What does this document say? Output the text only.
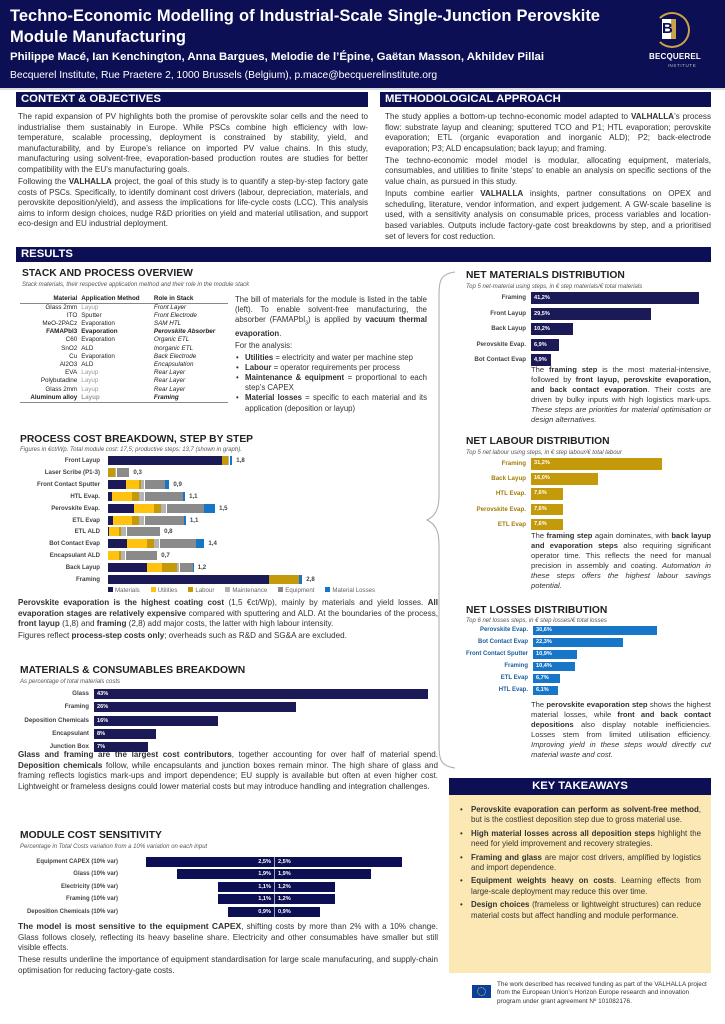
Techno-Economic Modelling of Industrial-Scale Single-Junction Perovskite Module Manufacturing
Philippe Macé, Ian Kenchington, Anna Bargues, Melodie de l’Épine, Gaëtan Masson, Akhildev Pillai
Becquerel Institute, Rue Praetere 2, 1000 Brussels (Belgium), p.mace@becquerelinstitute.org
B
BECQUEREL
INSTITUTE
CONTEXT & OBJECTIVES

The rapid expansion of PV highlights both the promise of perovskite solar cells and the need to industrialise them sustainably in Europe. While PSCs combine high efficiency with low-temperature, scalable processing, deployment is constrained by stability, yield, and manufacturability, and by Europe’s reliance on imported PV value chains. In this study, manufacturing using solvent-free, evaporation-based production routes are studies for better compatibility with the EU’s manufacturing goals.

Following the VALHALLA project, the goal of this study is to quantify a step-by-step factory gate costs of PSCs. Specifically, to identify dominant cost drivers (labour, depreciation, materials, and perovskite deposition/yield), and assess the implications for life-cycle costs (LCC). This analysis aims to inform design choices, nudge R&D priorities on yield and material utilisation, and support eco-design and EU industrial deployment.

METHODOLOGICAL APPROACH

The study applies a bottom-up techno-economic model adapted to VALHALLA’s process flow: substrate layup and cleaning; sputtered TCO and P1; HTL evaporation; perovskite evaporation; ETL (organic evaporation and inorganic ALD); P2; back-electrode evaporation; P3; ALD encapsulation; back layup; and framing.

The techno-economic model model is modular, allocating equipment, materials, consumables, and utilities to finite ‘steps’ to enable an analysis on specific sections of the value chain, as pursued in this study.

Inputs combine earlier VALHALLA insights, partner consultations on OPEX and scheduling, literature, vendor information, and expert judgement. A GW-scale baseline is used, with a sensitivity analysis on consumable prices, process variables and location-based variables. Outputs include factory-gate cost breakdowns by step, and a prioritised set of levers for cost reduction.

RESULTS
STACK AND PROCESS OVERVIEW
Stack materials, their respective application method and their role in the module stack
Material	Application Method	Role in Stack
Glass 2mm	Layup	Front Layer
ITO	Sputter	Front Electrode
MeO-2PACz	Evaporation	SAM HTL
FAMAPbI3	Evaporation	Perovskite Absorber
C60	Evaporation	Organic ETL
SnO2	ALD	Inorganic ETL
Cu	Evaporation	Back Electrode
Al2O3	ALD	Encapsulation
EVA	Layup	Rear Layer
Polybutadine	Layup	Rear Layer
Glass 2mm	Layup	Rear Layer
Aluminum alloy	Layup	Framing

The bill of materials for the module is listed in the table (left). To enable solvent-free manufacturing, the absorber (FAMAPbI$_3$) is applied by vacuum thermal evaporation.

For the analysis:

• Utilities = electricity and water per machine step
• Labour = operator requirements per process
• Maintenance & equipment = proportional to each step’s CAPEX
• Material losses = specific to each material and its application (deposition or layup)
PROCESS COST BREAKDOWN, STEP BY STEP
Figures in €ct/Wp. Total module cost: 17,5; productive steps: 13,7 (shown in graph).
Front Layup	1,8
Laser Scribe (P1-3)	0,3
Front Contact Sputter	0,9
HTL Evap.	1,1
Perovskite Evap.	1,5
ETL Evap	1,1
ETL ALD	0,8
Bot Contact Evap	1,4
Encapsulant ALD	0,7
Back Layup	1,2
Framing	2,8
Materials	Utilities	Labour	Maintenance	Equipment	Material Losses

Perovskite evaporation is the highest coating cost (1,5 €ct/Wp), mainly by materials and yield losses. All evaporation stages are relatively expensive compared with sputtering and ALD. At the boundaries of the process, front layup (1,8) and framing (2,8) add major costs, the latter with high labour intensity.

Figures reflect process-step costs only; overheads such as R&D and SG&A are excluded.

MATERIALS & CONSUMABLES BREAKDOWN
As percentage of total materials costs
Glass	43%
Framing	26%
Deposition Chemicals	16%
Encapsulant	8%
Junction Box	7%

Glass and framing are the largest cost contributors, together accounting for over half of material spend. Deposition chemicals follow, while encapsulants and junction boxes remain minor. The high share of glass and framing reflects logistics mark-ups and import dependence; EU supply is available but often at even higher cost. Lightweight or frameless designs could lower material costs but may introduce handling and integration challenges.

MODULE COST SENSITIVITY
Percentage in Total Costs variation from a 10% variation on each input
Equipment CAPEX (10% var)	2,5%	2,5%
Glass (10% var)	1,9%	1,9%
Electricity (10% var)	1,1%	1,2%
Framing (10% var)	1,1%	1,2%
Deposition Chemicals (10% var)	0,9%	0,9%

The model is most sensitive to the equipment CAPEX, shifting costs by more than 2% with a 10% change. Glass follows closely, reflecting its heavy baseline share. Electricity and other consumables have smaller but still visible effects.

These results underline the importance of equipment standardisation for large scale manufacuring, and supply-chain optimisation for reducing factory-gate costs.

NET MATERIALS DISTRIBUTION
Top 5 net-material using steps, in € step materials/€ total materials
Framing	41,2%
Front Layup	29,5%
Back Layup	10,2%
Perovskite Evap.	6,9%
Bot Contact Evap	4,9%

The framing step is the most material-intensive, followed by front layup, perovskite evaporation, and back contact evaporation. Their costs are driven by bulky inputs with high logistics mark-ups. These steps are priorities for material optimisation or design alternatives.

NET LABOUR DISTRIBUTION
Top 5 net labour using steps, in € step labour/€ total labour
Framing	31,2%
Back Layup	16,0%
HTL Evap.	7,6%
Perovskite Evap.	7,6%
ETL Evap	7,6%

The framing step again dominates, with back layup and evaporation steps also requiring significant operator time. This reflects the need for manual precision in assembly and coating. Automation in these steps offers the highest labour savings potential.

NET LOSSES DISTRIBUTION
Top 6 net losses steps, in € step losses/€ total losses
Perovskite Evap.	30,6%
Bot Contact Evap	22,3%
Front Contact Sputter	10,9%
Framing	10,4%
ETL Evap	6,7%
HTL Evap.	6,1%

The perovskite evaporation step shows the highest material losses, while front and back contact depositions also display notable inefficiencies. Losses stem from limited utilisation efficiency. Improving yield in these steps would directly cut material waste and cost.

KEY TAKEAWAYS
• Perovskite evaporation can perform as solvent-free method, but is the costliest deposition step due to gross material use.
• High material losses across all deposition steps highlight the need for yield improvement and recovery strategies.
• Framing and glass are major cost drivers, amplified by logistics and import dependence.
• Equipment weights heavy on costs. Learning effects from large-scale deployment may reduce this over time.
• Design choices (frameless or lightweight structures) can reduce material costs but affect handling and module performance.
The work described has received funding as part of the VALHALLA project from the European Union’s Horizon Europe research and innovation program under grant agreement Nº 101082176.
